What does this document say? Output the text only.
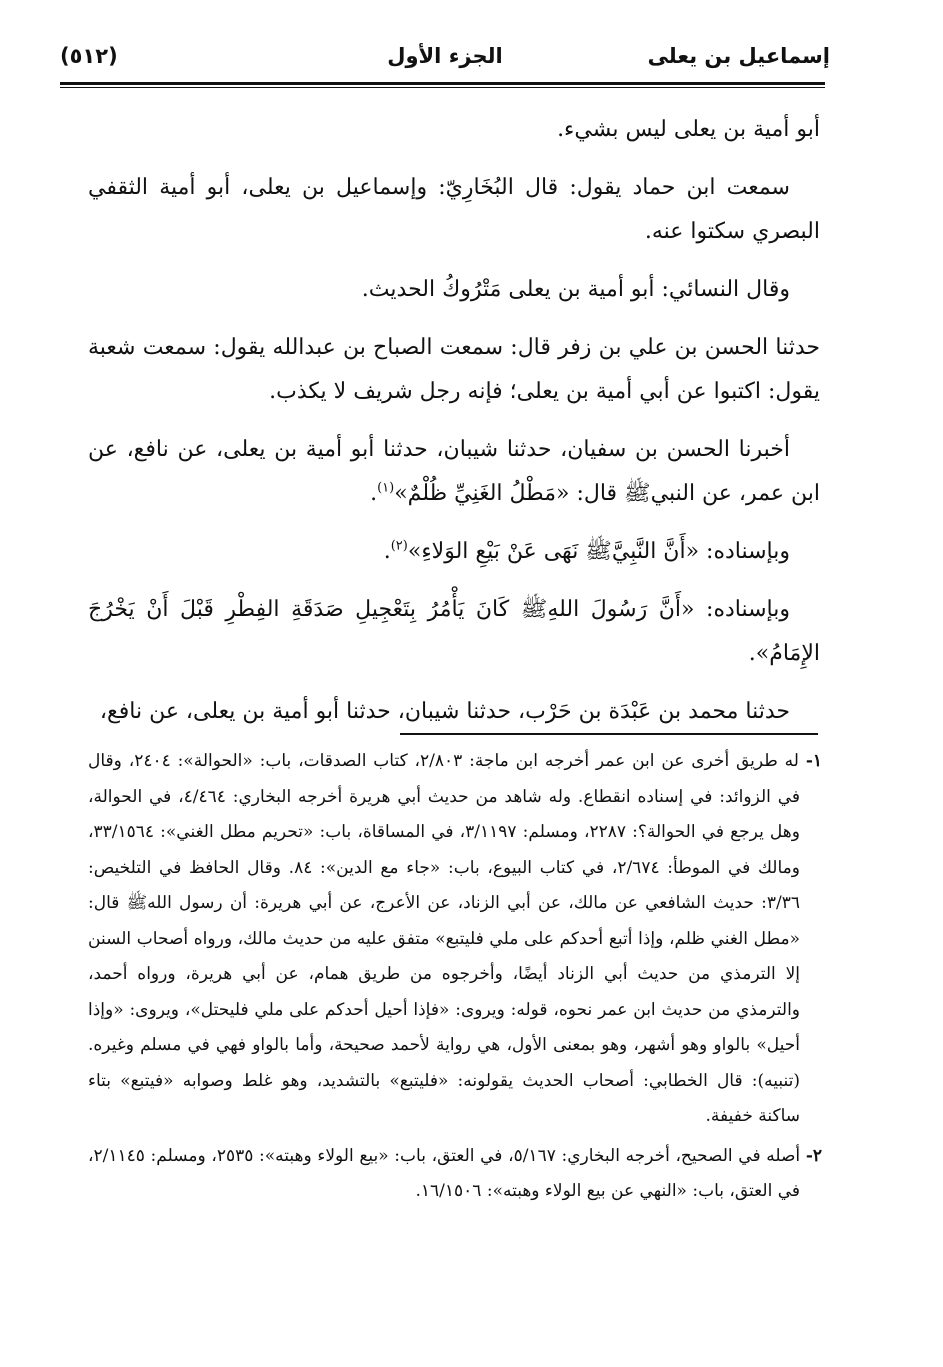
إسماعيل بن يعلى
الجزء الأول
(٥١٢)

أبو أمية بن يعلى ليس بشيء.

سمعت ابن حماد يقول: قال البُخَارِيّ: وإسماعيل بن يعلى، أبو أمية الثقفي البصري سكتوا عنه.

وقال النسائي: أبو أمية بن يعلى مَتْرُوكُ الحديث.

حدثنا الحسن بن علي بن زفر قال: سمعت الصباح بن عبدالله يقول: سمعت شعبة يقول: اكتبوا عن أبي أمية بن يعلى؛ فإنه رجل شريف لا يكذب.

أخبرنا الحسن بن سفيان، حدثنا شيبان، حدثنا أبو أمية بن يعلى، عن نافع، عن ابن عمر، عن النبيﷺ قال: «مَطْلُ الغَنِيِّ ظُلْمٌ»$^{(١)}$.

وبإسناده: «أَنَّ النَّبِيَّﷺ نَهَى عَنْ بَيْعِ الوَلاءِ»$^{(٢)}$.

وبإسناده: «أَنَّ رَسُولَ اللهِﷺ كَانَ يَأْمُرُ بِتَعْجِيلِ صَدَقَةِ الفِطْرِ قَبْلَ أَنْ يَخْرُجَ الإِمَامُ».

حدثنا محمد بن عَبْدَة بن حَرْب، حدثنا شيبان، حدثنا أبو أمية بن يعلى، عن نافع،

١- له طريق أخرى عن ابن عمر أخرجه ابن ماجة: ٢/٨٠٣، كتاب الصدقات، باب: «الحوالة»: ٢٤٠٤، وقال في الزوائد: في إسناده انقطاع. وله شاهد من حديث أبي هريرة أخرجه البخاري: ٤/٤٦٤، في الحوالة، وهل يرجع في الحوالة؟: ٢٢٨٧، ومسلم: ٣/١١٩٧، في المساقاة، باب: «تحريم مطل الغني»: ٣٣/١٥٦٤، ومالك في الموطأ: ٢/٦٧٤، في كتاب البيوع، باب: «جاء مع الدين»: ٨٤. وقال الحافظ في التلخيص: ٣/٣٦: حديث الشافعي عن مالك، عن أبي الزناد، عن الأعرج، عن أبي هريرة: أن رسول اللهﷺ قال: «مطل الغني ظلم، وإذا أتبع أحدكم على ملي فليتبع» متفق عليه من حديث مالك، ورواه أصحاب السنن إلا الترمذي من حديث أبي الزناد أيضًا، وأخرجوه من طريق همام، عن أبي هريرة، ورواه أحمد، والترمذي من حديث ابن عمر نحوه، قوله: ويروى: «فإذا أحيل أحدكم على ملي فليحتل»، ويروى: «وإذا أحيل» بالواو وهو أشهر، وهو بمعنى الأول، هي رواية لأحمد صحيحة، وأما بالواو فهي في مسلم وغيره. (تنبيه): قال الخطابي: أصحاب الحديث يقولونه: «فليتبع» بالتشديد، وهو غلط وصوابه «فيتبع» بتاء ساكنة خفيفة.

٢- أصله في الصحيح، أخرجه البخاري: ٥/١٦٧، في العتق، باب: «بيع الولاء وهبته»: ٢٥٣٥، ومسلم: ٢/١١٤٥، في العتق، باب: «النهي عن بيع الولاء وهبته»: ١٦/١٥٠٦.
